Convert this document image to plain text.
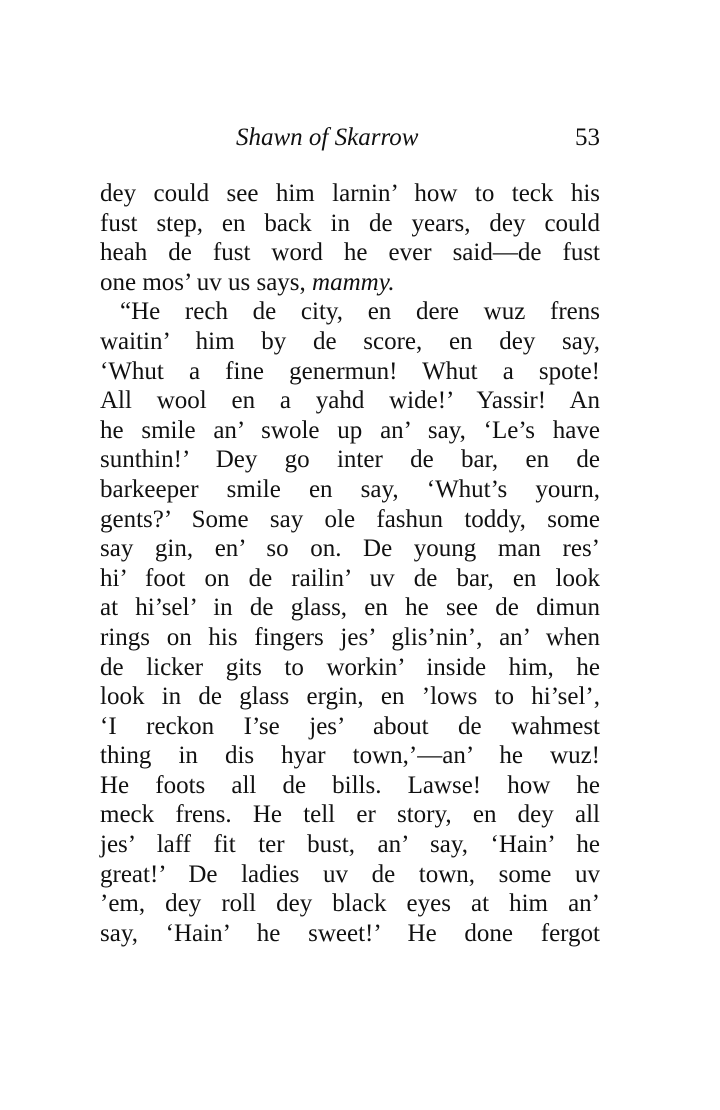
Shawn of Skarrow	53
dey could see him larnin’ how to teck his
fust step, en back in de years, dey could
heah de fust word he ever said—de fust
one mos’ uv us says, mammy.
“He rech de city, en dere wuz frens
waitin’ him by de score, en dey say,
‘Whut a fine genermun! Whut a spote!
All wool en a yahd wide!’ Yassir! An
he smile an’ swole up an’ say, ‘Le’s have
sunthin!’ Dey go inter de bar, en de
barkeeper smile en say, ‘Whut’s yourn,
gents?’ Some say ole fashun toddy, some
say gin, en’ so on. De young man res’
hi’ foot on de railin’ uv de bar, en look
at hi’sel’ in de glass, en he see de dimun
rings on his fingers jes’ glis’nin’, an’ when
de licker gits to workin’ inside him, he
look in de glass ergin, en ’lows to hi’sel’,
‘I reckon I’se jes’ about de wahmest
thing in dis hyar town,’—an’ he wuz!
He foots all de bills. Lawse! how he
meck frens. He tell er story, en dey all
jes’ laff fit ter bust, an’ say, ‘Hain’ he
great!’ De ladies uv de town, some uv
’em, dey roll dey black eyes at him an’
say, ‘Hain’ he sweet!’ He done fergot
